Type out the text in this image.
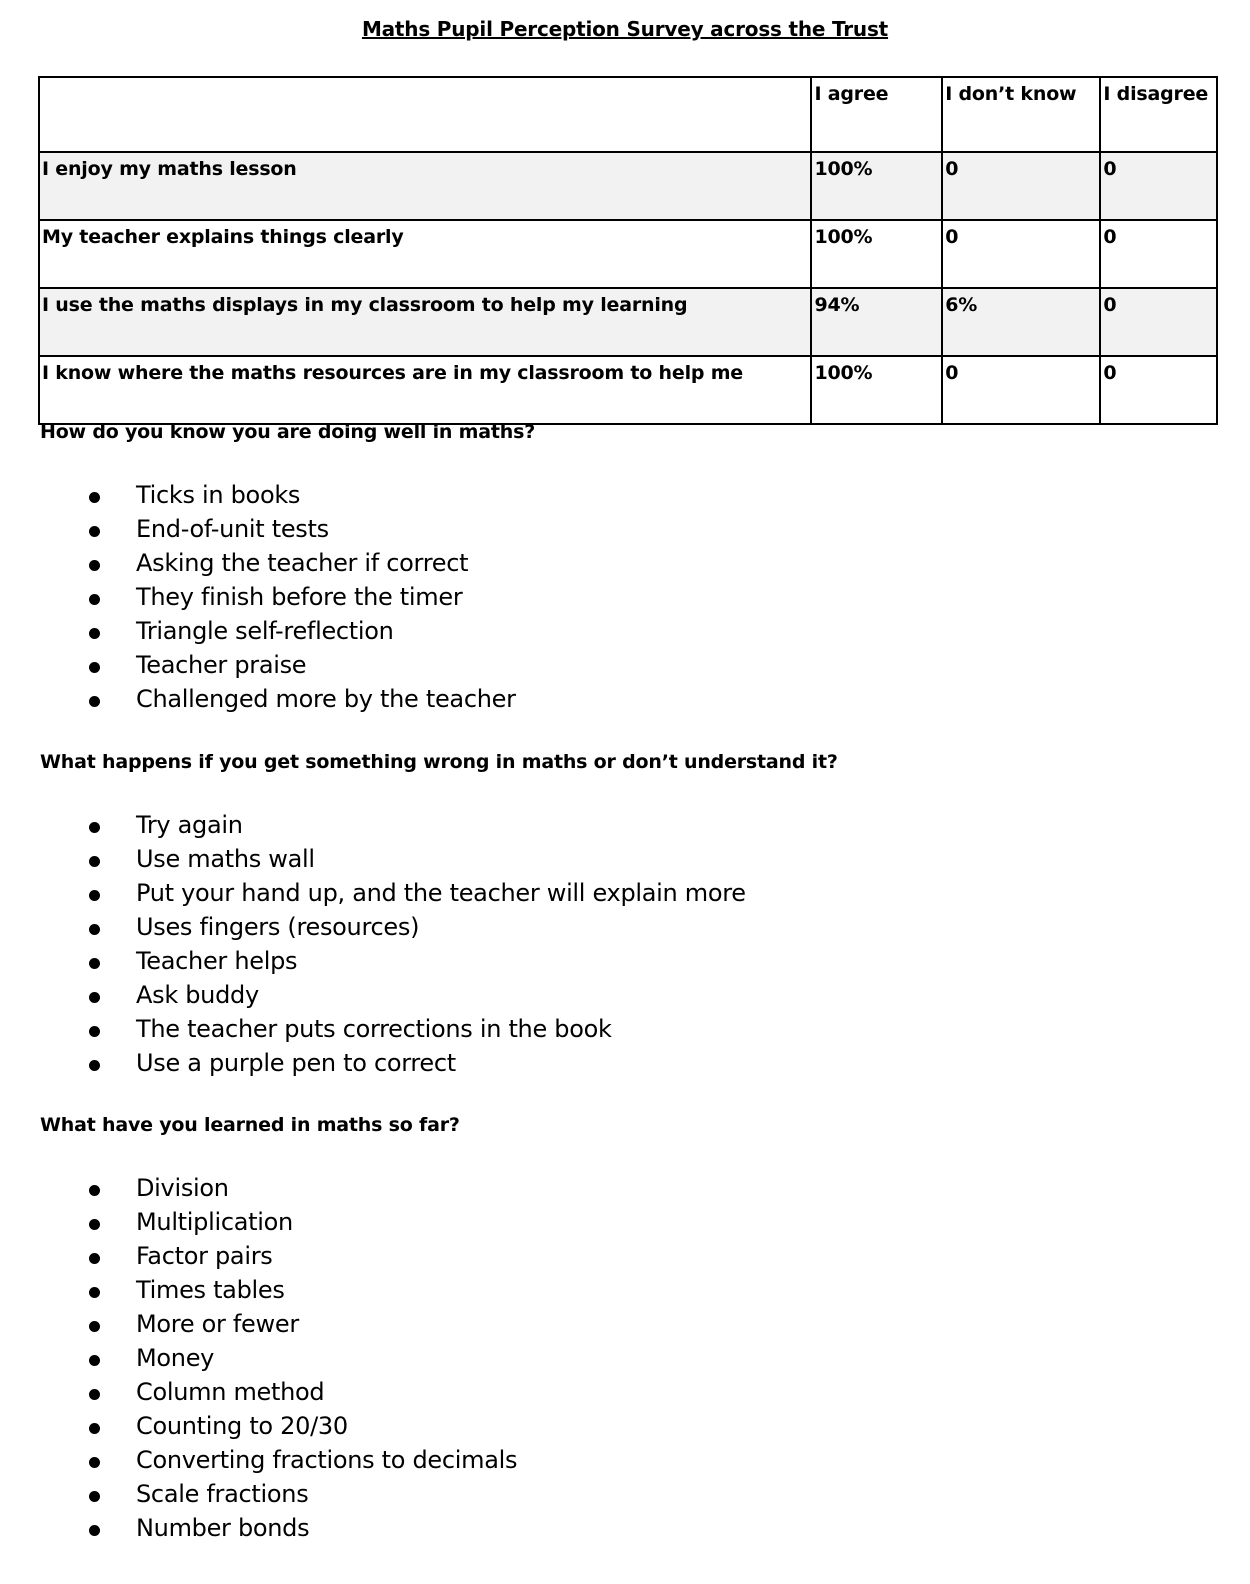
Maths Pupil Perception Survey across the Trust
	I agree	I don’t know	I disagree
I enjoy my maths lesson	100%	0	0
My teacher explains things clearly	100%	0	0
I use the maths displays in my classroom to help my learning	94%	6%	0
I know where the maths resources are in my classroom to help me	100%	0	0

How do you know you are doing well in maths?

Ticks in books
End-of-unit tests
Asking the teacher if correct
They finish before the timer
Triangle self-reflection
Teacher praise
Challenged more by the teacher

What happens if you get something wrong in maths or don’t understand it?

Try again
Use maths wall
Put your hand up, and the teacher will explain more
Uses fingers (resources)
Teacher helps
Ask buddy
The teacher puts corrections in the book
Use a purple pen to correct

What have you learned in maths so far?

Division
Multiplication
Factor pairs
Times tables
More or fewer
Money
Column method
Counting to 20/30
Converting fractions to decimals
Scale fractions
Number bonds
